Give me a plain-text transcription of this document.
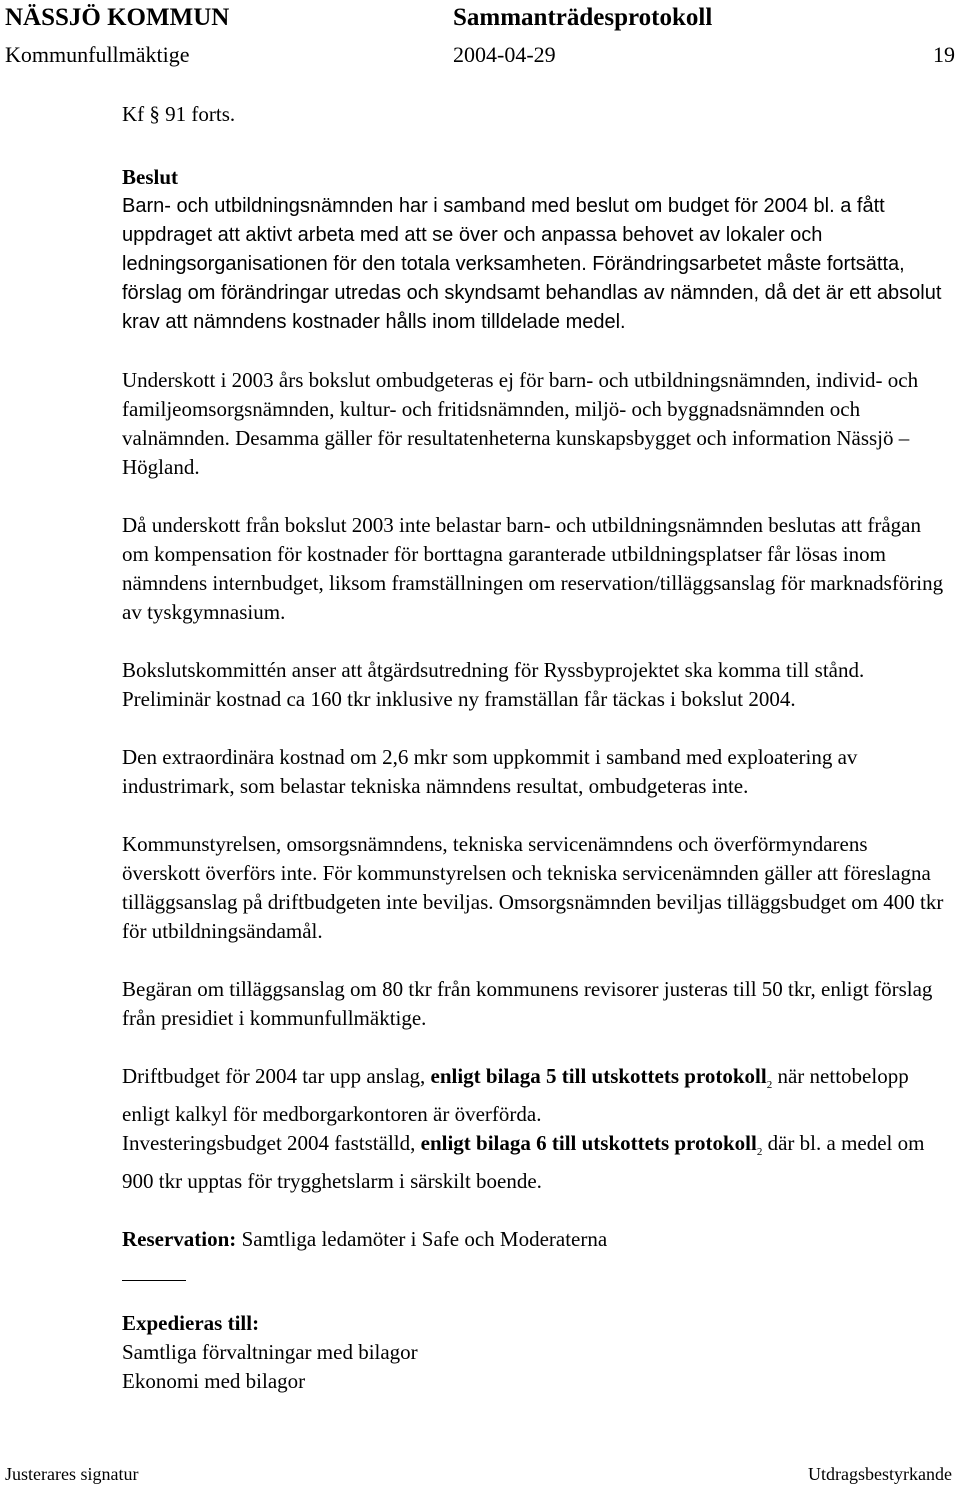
NÄSSJÖ KOMMUN	Sammanträdesprotokoll
Kommunfullmäktige	2004-04-29	19

Kf § 91 forts.

Beslut

Barn- och utbildningsnämnden har i samband med beslut om budget för 2004 bl. a fått uppdraget att aktivt arbeta med att se över och anpassa behovet av lokaler och ledningsorganisationen för den totala verksamheten. Förändringsarbetet måste fortsätta, förslag om förändringar utredas och skyndsamt behandlas av nämnden, då det är ett absolut krav att nämndens kostnader hålls inom tilldelade medel.

Underskott i 2003 års bokslut ombudgeteras ej för barn- och utbildningsnämnden, individ- och familjeomsorgsnämnden, kultur- och fritidsnämnden, miljö- och byggnadsnämnden och valnämnden. Desamma gäller för resultatenheterna kunskapsbygget och information Nässjö – Högland.

Då underskott från bokslut 2003 inte belastar barn- och utbildningsnämnden beslutas att frågan om kompensation för kostnader för borttagna garanterade utbildningsplatser får lösas inom nämndens internbudget, liksom framställningen om reservation/tilläggsanslag för marknadsföring av tyskgymnasium.

Bokslutskommittén anser att åtgärdsutredning för Ryssbyprojektet ska komma till stånd. Preliminär kostnad ca 160 tkr inklusive ny framställan får täckas i bokslut 2004.

Den extraordinära kostnad om 2,6 mkr som uppkommit i samband med exploatering av industrimark, som belastar tekniska nämndens resultat, ombudgeteras inte.

Kommunstyrelsen, omsorgsnämndens, tekniska servicenämndens och överförmyndarens överskott överförs inte. För kommunstyrelsen och tekniska servicenämnden gäller att föreslagna tilläggsanslag på driftbudgeten inte beviljas. Omsorgsnämnden beviljas tilläggsbudget om 400 tkr för utbildningsändamål.

Begäran om tilläggsanslag om 80 tkr från kommunens revisorer justeras till 50 tkr, enligt förslag från presidiet i kommunfullmäktige.

Driftbudget för 2004 tar upp anslag, enligt bilaga 5 till utskottets protokoll$_2$ när nettobelopp enligt kalkyl för medborgarkontoren är överförda.

Investeringsbudget 2004 fastställd, enligt bilaga 6 till utskottets protokoll$_2$ där bl. a medel om 900 tkr upptas för trygghetslarm i särskilt boende.

Reservation: Samtliga ledamöter i Safe och Moderaterna

Expedieras till:

Samtliga förvaltningar med bilagor

Ekonomi med bilagor

Justerares signatur	Utdragsbestyrkande
